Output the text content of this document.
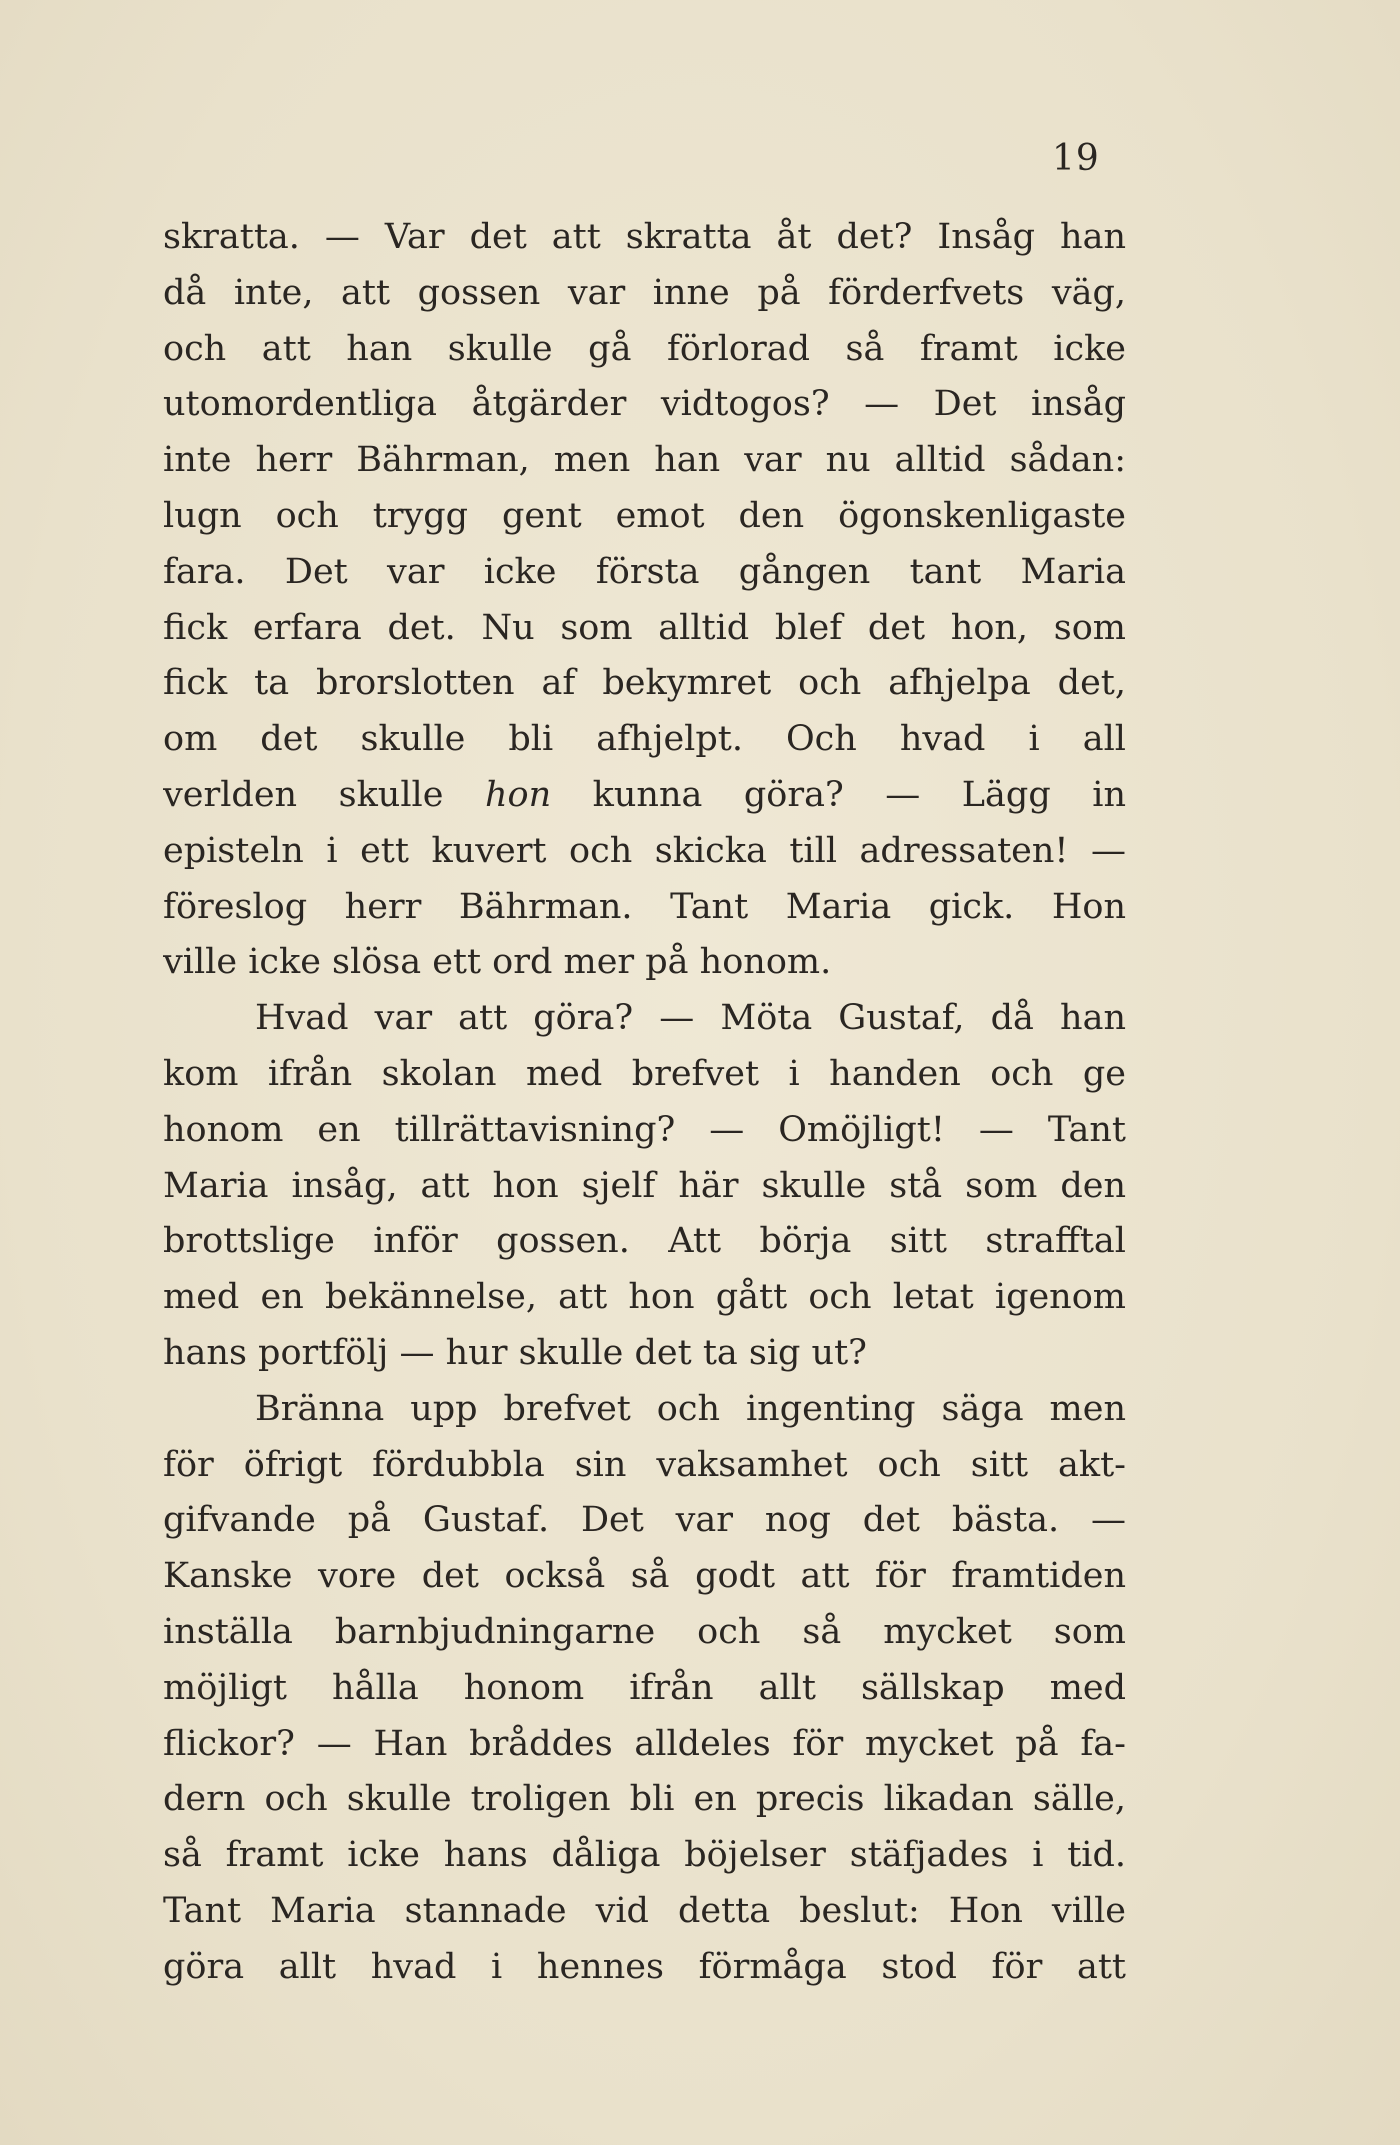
19
skratta. — Var det att skratta åt det? Insåg han
då inte, att gossen var inne på förderfvets väg,
och att han skulle gå förlorad så framt icke
utomordentliga åtgärder vidtogos? — Det insåg
inte herr Bährman, men han var nu alltid sådan:
lugn och trygg gent emot den ögonskenligaste
fara. Det var icke första gången tant Maria
fick erfara det. Nu som alltid blef det hon, som
fick ta brorslotten af bekymret och afhjelpa det,
om det skulle bli afhjelpt. Och hvad i all
verlden skulle hon kunna göra? — Lägg in
episteln i ett kuvert och skicka till adressaten! —
föreslog herr Bährman. Tant Maria gick. Hon
ville icke slösa ett ord mer på honom.
Hvad var att göra? — Möta Gustaf, då han
kom ifrån skolan med brefvet i handen och ge
honom en tillrättavisning? — Omöjligt! — Tant
Maria insåg, att hon sjelf här skulle stå som den
brottslige inför gossen. Att börja sitt strafftal
med en bekännelse, att hon gått och letat igenom
hans portfölj — hur skulle det ta sig ut?
Bränna upp brefvet och ingenting säga men
för öfrigt fördubbla sin vaksamhet och sitt akt-
gifvande på Gustaf. Det var nog det bästa. —
Kanske vore det också så godt att för framtiden
inställa barnbjudningarne och så mycket som
möjligt hålla honom ifrån allt sällskap med
flickor? — Han bråddes alldeles för mycket på fa-
dern och skulle troligen bli en precis likadan sälle,
så framt icke hans dåliga böjelser stäfjades i tid.
Tant Maria stannade vid detta beslut: Hon ville
göra allt hvad i hennes förmåga stod för att
